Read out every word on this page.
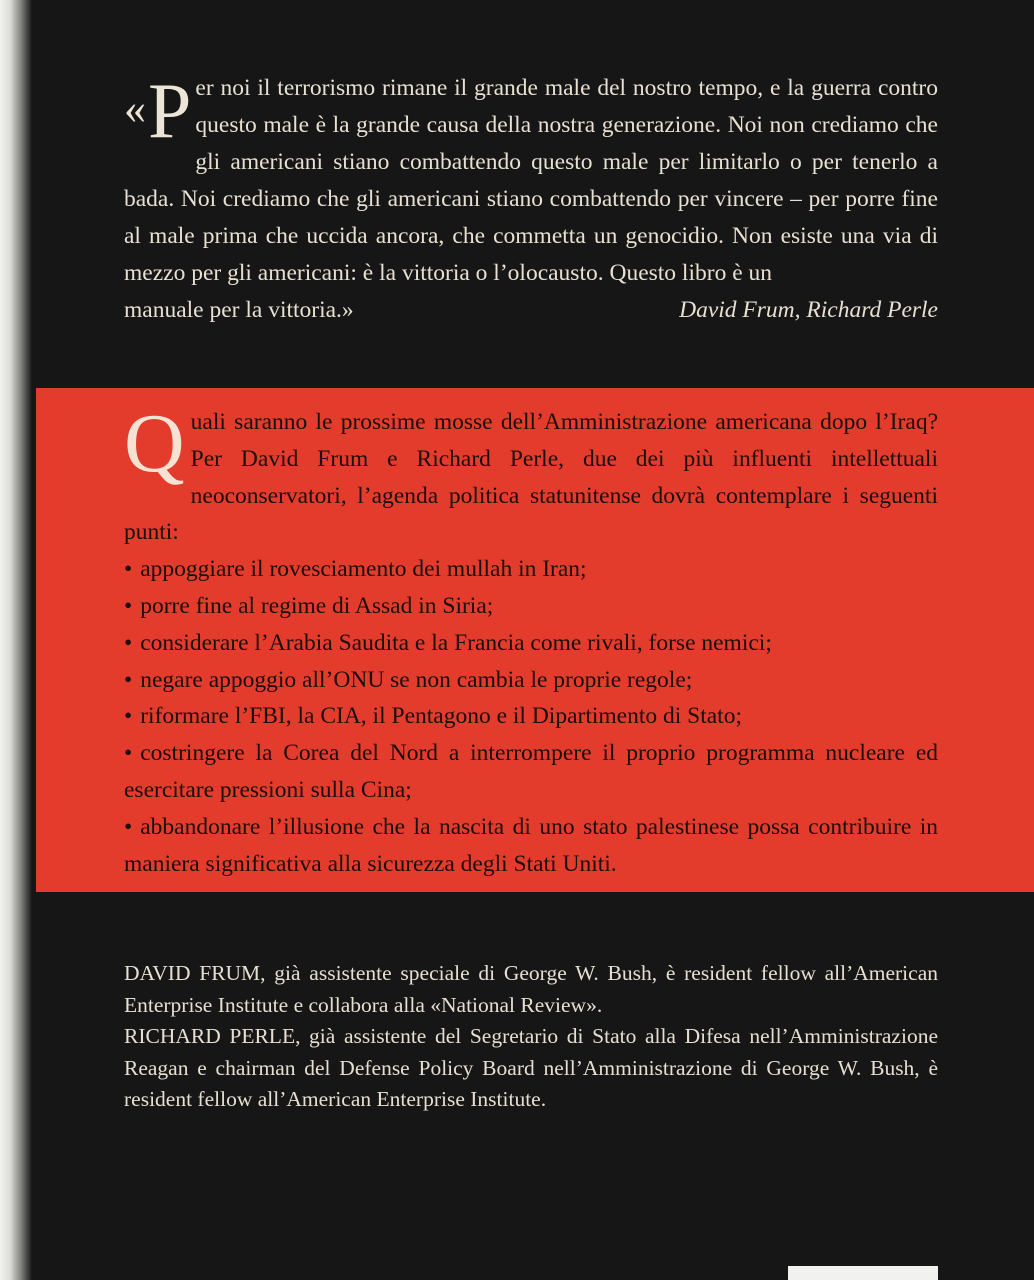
« P er noi il terrorismo rimane il grande male del nostro tempo, e la guerra contro questo male è la grande causa della nostra generazione. Noi non crediamo che gli americani stiano combattendo questo male per limitarlo o per tenerlo a bada. Noi crediamo che gli americani stiano combattendo per vincere – per porre fine al male prima che uccida ancora, che commetta un genocidio. Non esiste una via di mezzo per gli americani: è la vittoria o l’olocausto. Questo libro è un
manuale per la vittoria.»	David Frum, Richard Perle
Q uali saranno le prossime mosse dell’Amministrazione americana dopo l’Iraq? Per David Frum e Richard Perle, due dei più influenti intellettuali neoconservatori, l’agenda politica statunitense dovrà contemplare i seguenti punti:
• appoggiare il rovesciamento dei mullah in Iran;
• porre fine al regime di Assad in Siria;
• considerare l’Arabia Saudita e la Francia come rivali, forse nemici;
• negare appoggio all’ONU se non cambia le proprie regole;
• riformare l’FBI, la CIA, il Pentagono e il Dipartimento di Stato;
• costringere la Corea del Nord a interrompere il proprio programma nucleare ed esercitare pressioni sulla Cina;
• abbandonare l’illusione che la nascita di uno stato palestinese possa contribuire in maniera significativa alla sicurezza degli Stati Uniti.

DAVID FRUM, già assistente speciale di George W. Bush, è resident fellow all’American Enterprise Institute e collabora alla «National Review».

RICHARD PERLE, già assistente del Segretario di Stato alla Difesa nell’Amministrazione Reagan e chairman del Defense Policy Board nell’Amministrazione di George W. Bush, è resident fellow all’American Enterprise Institute.
